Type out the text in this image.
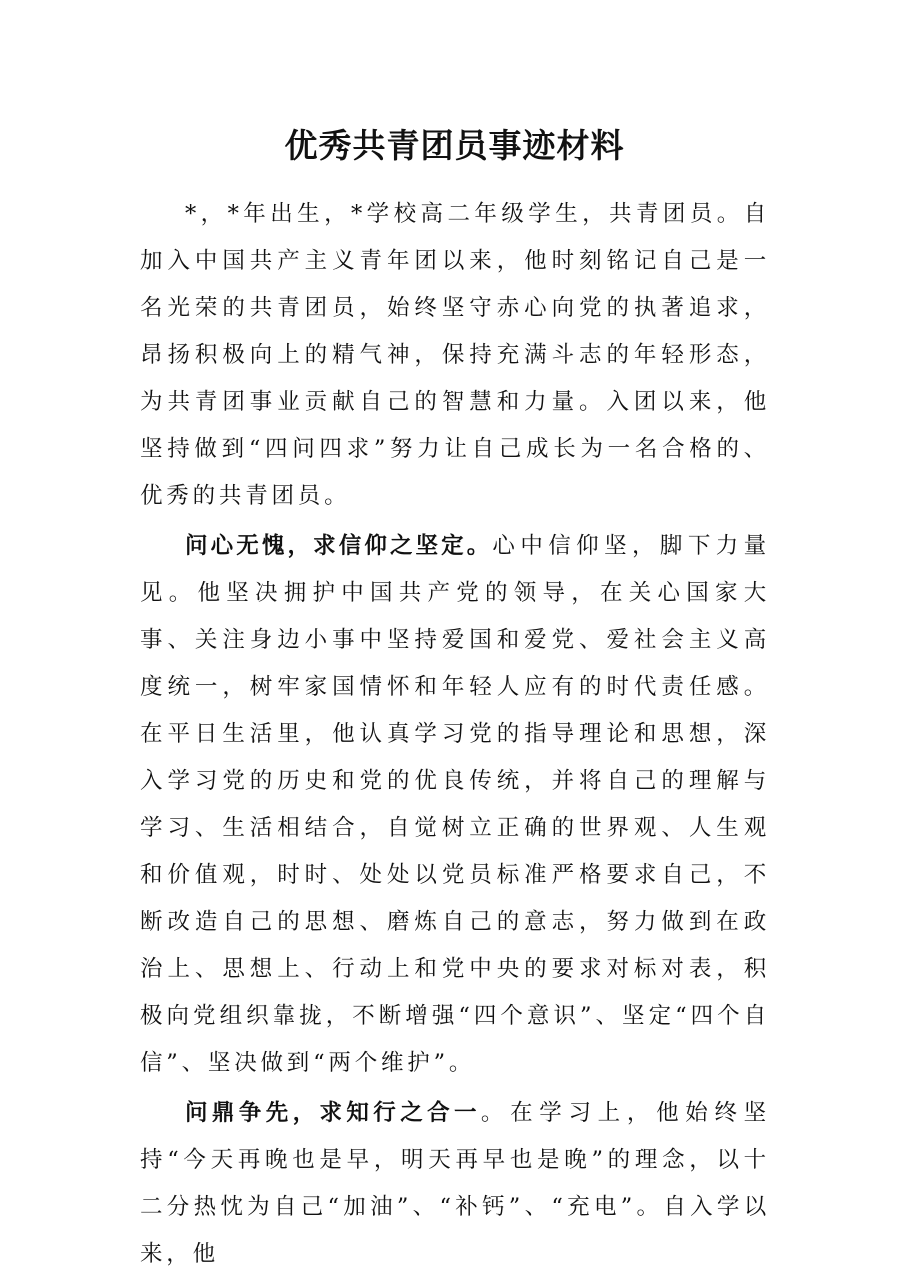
优秀共青团员事迹材料

*，*年出生，*学校高二年级学生，共青团员。自加入中国共产主义青年团以来，他时刻铭记自己是一名光荣的共青团员，始终坚守赤心向党的执著追求，昂扬积极向上的精气神，保持充满斗志的年轻形态，为共青团事业贡献自己的智慧和力量。入团以来，他坚持做到“四问四求”努力让自己成长为一名合格的、优秀的共青团员。

问心无愧，求信仰之坚定。心中信仰坚，脚下力量见。他坚决拥护中国共产党的领导，在关心国家大事、关注身边小事中坚持爱国和爱党、爱社会主义高度统一，树牢家国情怀和年轻人应有的时代责任感。在平日生活里，他认真学习党的指导理论和思想，深入学习党的历史和党的优良传统，并将自己的理解与学习、生活相结合，自觉树立正确的世界观、人生观和价值观，时时、处处以党员标准严格要求自己，不断改造自己的思想、磨炼自己的意志，努力做到在政治上、思想上、行动上和党中央的要求对标对表，积极向党组织靠拢，不断增强“四个意识”、坚定“四个自信”、坚决做到“两个维护”。

问鼎争先，求知行之合一。在学习上，他始终坚持“今天再晚也是早，明天再早也是晚”的理念，以十二分热忱为自己“加油”、“补钙”、“充电”。自入学以来，他
